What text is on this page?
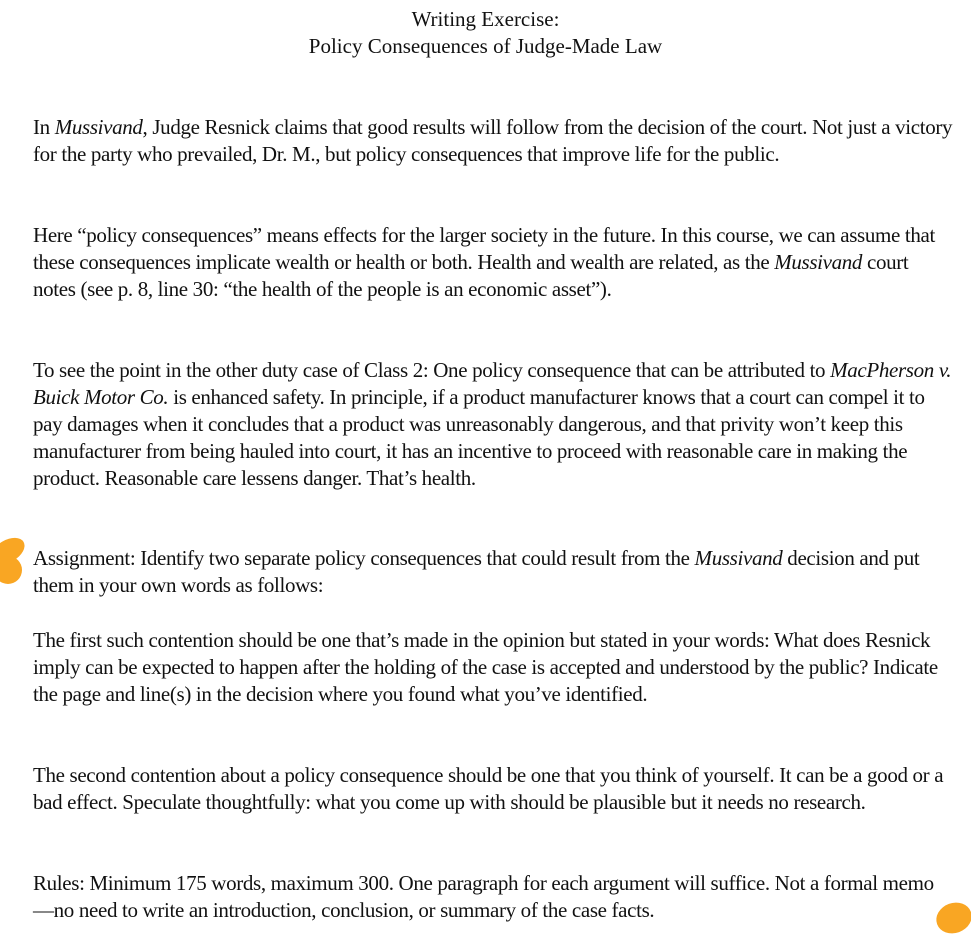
Writing Exercise:
Policy Consequences of Judge-Made Law

In Mussivand, Judge Resnick claims that good results will follow from the decision of the court. Not just a victory for the party who prevailed, Dr. M., but policy consequences that improve life for the public.

Here “policy consequences” means effects for the larger society in the future. In this course, we can assume that these consequences implicate wealth or health or both. Health and wealth are related, as the Mussivand court notes (see p. 8, line 30: “the health of the people is an economic asset”).

To see the point in the other duty case of Class 2: One policy consequence that can be attributed to MacPherson v. Buick Motor Co. is enhanced safety. In principle, if a product manufacturer knows that a court can compel it to pay damages when it concludes that a product was unreasonably dangerous, and that privity won’t keep this manufacturer from being hauled into court, it has an incentive to proceed with reasonable care in making the product. Reasonable care lessens danger. That’s health.

Assignment: Identify two separate policy consequences that could result from the Mussivand decision and put them in your own words as follows:

The first such contention should be one that’s made in the opinion but stated in your words: What does Resnick imply can be expected to happen after the holding of the case is accepted and understood by the public? Indicate the page and line(s) in the decision where you found what you’ve identified.

The second contention about a policy consequence should be one that you think of yourself. It can be a good or a bad effect. Speculate thoughtfully: what you come up with should be plausible but it needs no research.

Rules: Minimum 175 words, maximum 300. One paragraph for each argument will suffice. Not a formal memo—no need to write an introduction, conclusion, or summary of the case facts.
